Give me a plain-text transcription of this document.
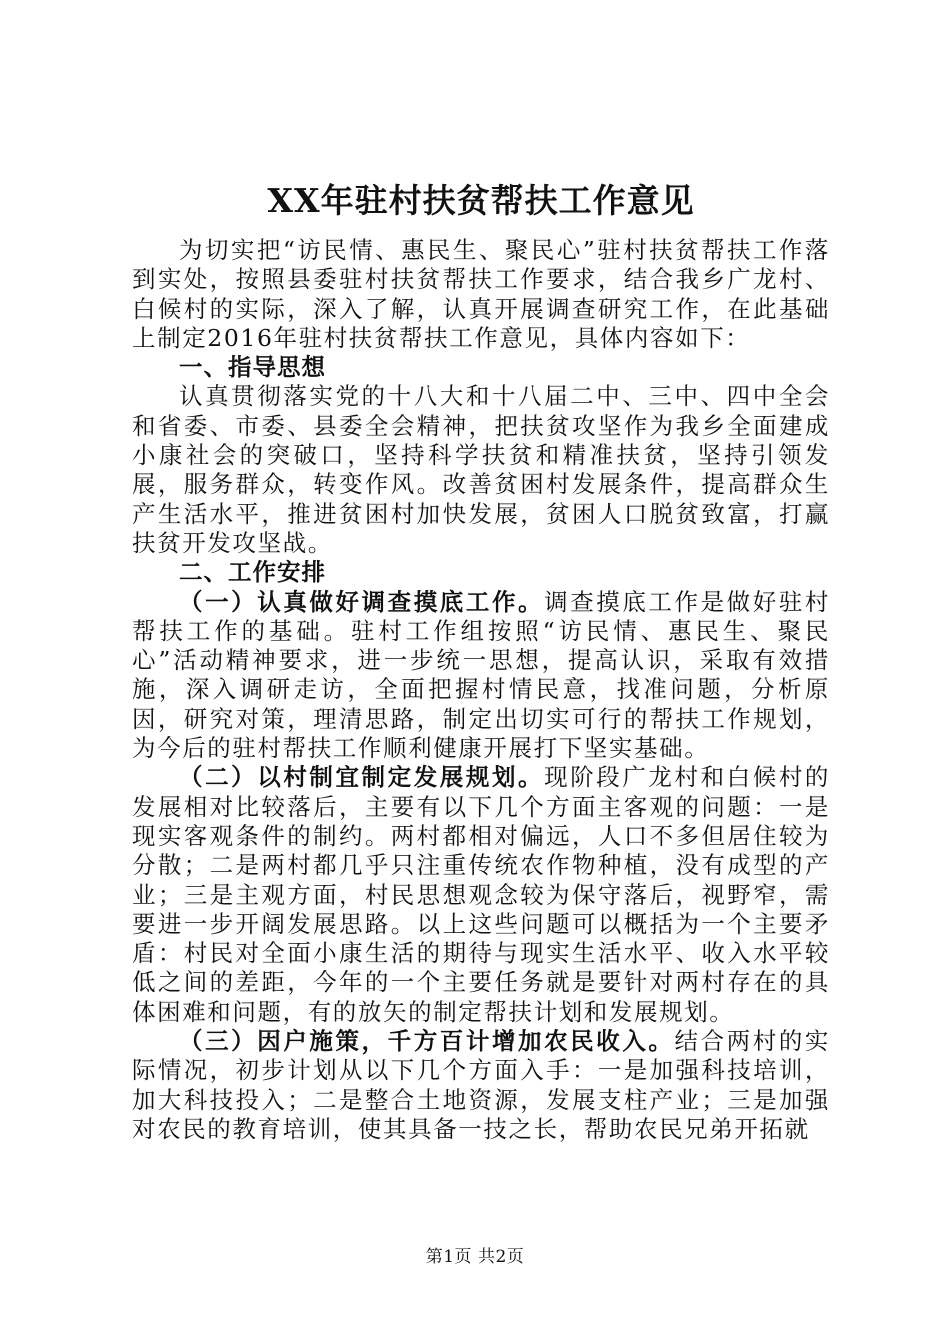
XX年驻村扶贫帮扶工作意见

为切实把“访民情、惠民生、聚民心”驻村扶贫帮扶工作落到实处，按照县委驻村扶贫帮扶工作要求，结合我乡广龙村、白候村的实际，深入了解，认真开展调查研究工作，在此基础上制定2016年驻村扶贫帮扶工作意见，具体内容如下：

一、指导思想

认真贯彻落实党的十八大和十八届二中、三中、四中全会和省委、市委、县委全会精神，把扶贫攻坚作为我乡全面建成小康社会的突破口，坚持科学扶贫和精准扶贫，坚持引领发展，服务群众，转变作风。改善贫困村发展条件，提高群众生产生活水平，推进贫困村加快发展，贫困人口脱贫致富，打赢扶贫开发攻坚战。

二、工作安排

（一）认真做好调查摸底工作。调查摸底工作是做好驻村帮扶工作的基础。驻村工作组按照“访民情、惠民生、聚民心”活动精神要求，进一步统一思想，提高认识，采取有效措施，深入调研走访，全面把握村情民意，找准问题，分析原因，研究对策，理清思路，制定出切实可行的帮扶工作规划，为今后的驻村帮扶工作顺利健康开展打下坚实基础。

（二）以村制宜制定发展规划。现阶段广龙村和白候村的发展相对比较落后，主要有以下几个方面主客观的问题：一是现实客观条件的制约。两村都相对偏远，人口不多但居住较为分散；二是两村都几乎只注重传统农作物种植，没有成型的产业；三是主观方面，村民思想观念较为保守落后，视野窄，需要进一步开阔发展思路。以上这些问题可以概括为一个主要矛盾：村民对全面小康生活的期待与现实生活水平、收入水平较低之间的差距，今年的一个主要任务就是要针对两村存在的具体困难和问题，有的放矢的制定帮扶计划和发展规划。

（三）因户施策，千方百计增加农民收入。结合两村的实际情况，初步计划从以下几个方面入手：一是加强科技培训，加大科技投入；二是整合土地资源，发展支柱产业；三是加强对农民的教育培训，使其具备一技之长，帮助农民兄弟开拓就

第1页 共2页
